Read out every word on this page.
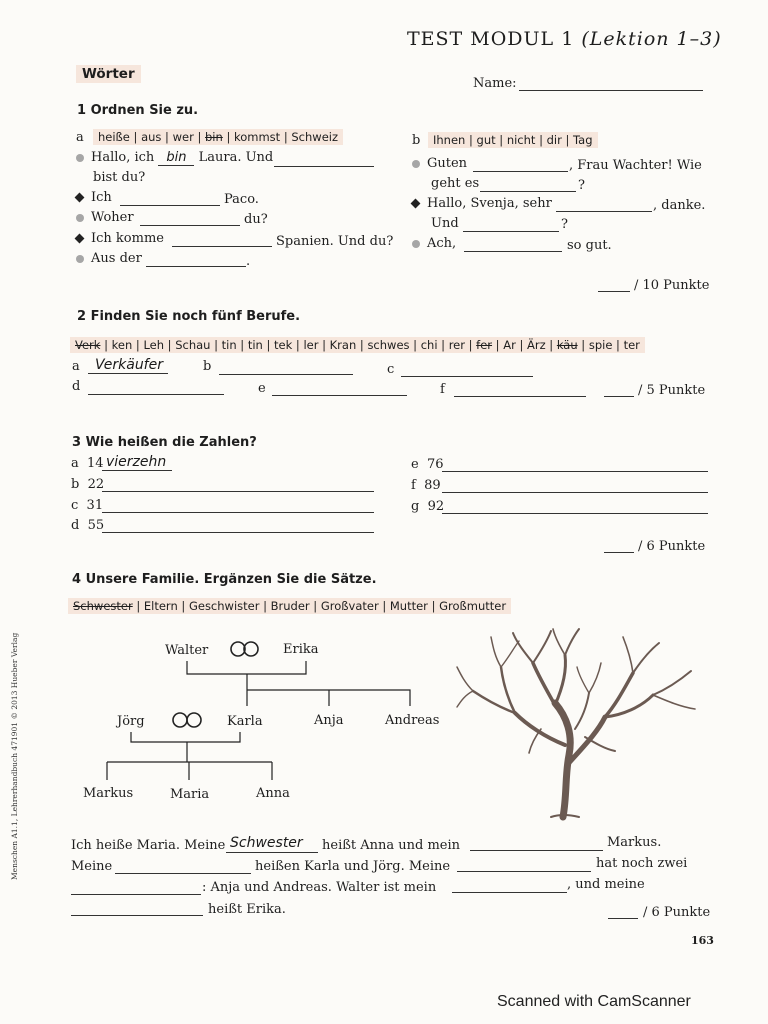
TEST MODUL 1 (Lektion 1–3)
Wörter
Name:
1 Ordnen Sie zu.
a	heiße | aus | wer | bin | kommst | Schweiz
Hallo, ich bin Laura. Und
bist du?
Ich	Paco.
Woher	du?
Ich komme	Spanien. Und du?
Aus der	.
b	Ihnen | gut | nicht | dir | Tag
Guten	, Frau Wachter! Wie
geht es	?
Hallo, Svenja, sehr	, danke.
Und	?
Ach,	so gut.
/ 10 Punkte
2 Finden Sie noch fünf Berufe.
Verk | ken | Leh | Schau | tin | tin | tek | ler | Kran | schwes | chi | rer | fer | Ar | Ärz | käu | spie | ter
a Verkäufer	b	c
d	e	f	/ 5 Punkte
3 Wie heißen die Zahlen?
a 14 vierzehn
b 22
c 31
d 55
e 76
f 89
g 92
/ 6 Punkte
4 Unsere Familie. Ergänzen Sie die Sätze.
Schwester | Eltern | Geschwister | Bruder | Großvater | Mutter | Großmutter
Walter	Erika
Jörg	Karla	Anja	Andreas
Markus	Maria	Anna
Ich heiße Maria. Meine Schwester heißt Anna und mein	Markus.
Meine	heißen Karla und Jörg. Meine	hat noch zwei
: Anja und Andreas. Walter ist mein	, und meine
heißt Erika.	/ 6 Punkte
163
Menschen A1.1, Lehrerhandbuch 471901 © 2013 Hueber Verlag
Scanned with CamScanner
